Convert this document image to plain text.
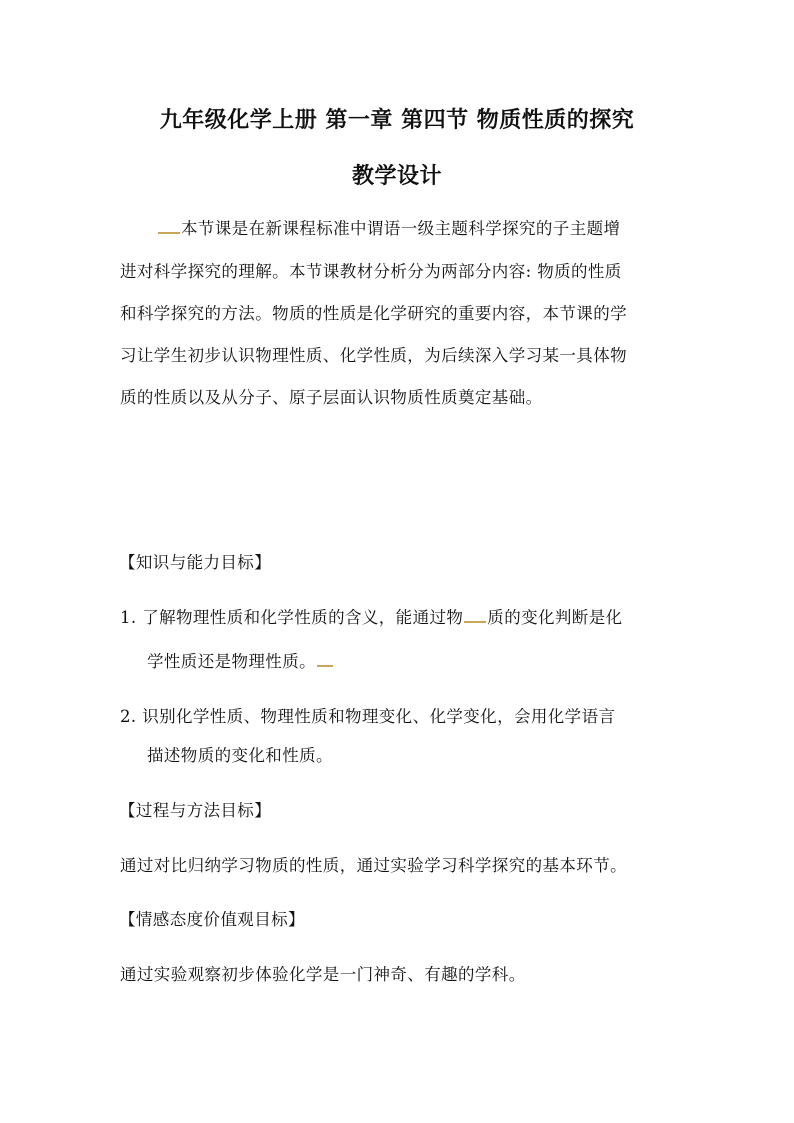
九年级化学上册 第一章 第四节 物质性质的探究
教学设计
本节课是在新课程标准中谓语一级主题科学探究的子主题增
进对科学探究的理解。本节课教材分析分为两部分内容: 物质的性质
和科学探究的方法。物质的性质是化学研究的重要内容，本节课的学
习让学生初步认识物理性质、化学性质，为后续深入学习某一具体物
质的性质以及从分子、原子层面认识物质性质奠定基础。
【知识与能力目标】
1. 了解物理性质和化学性质的含义，能通过物 质的变化判断是化
学性质还是物理性质。
2. 识别化学性质、物理性质和物理变化、化学变化，会用化学语言
描述物质的变化和性质。
【过程与方法目标】
通过对比归纳学习物质的性质，通过实验学习科学探究的基本环节。
【情感态度价值观目标】
通过实验观察初步体验化学是一门神奇、有趣的学科。
